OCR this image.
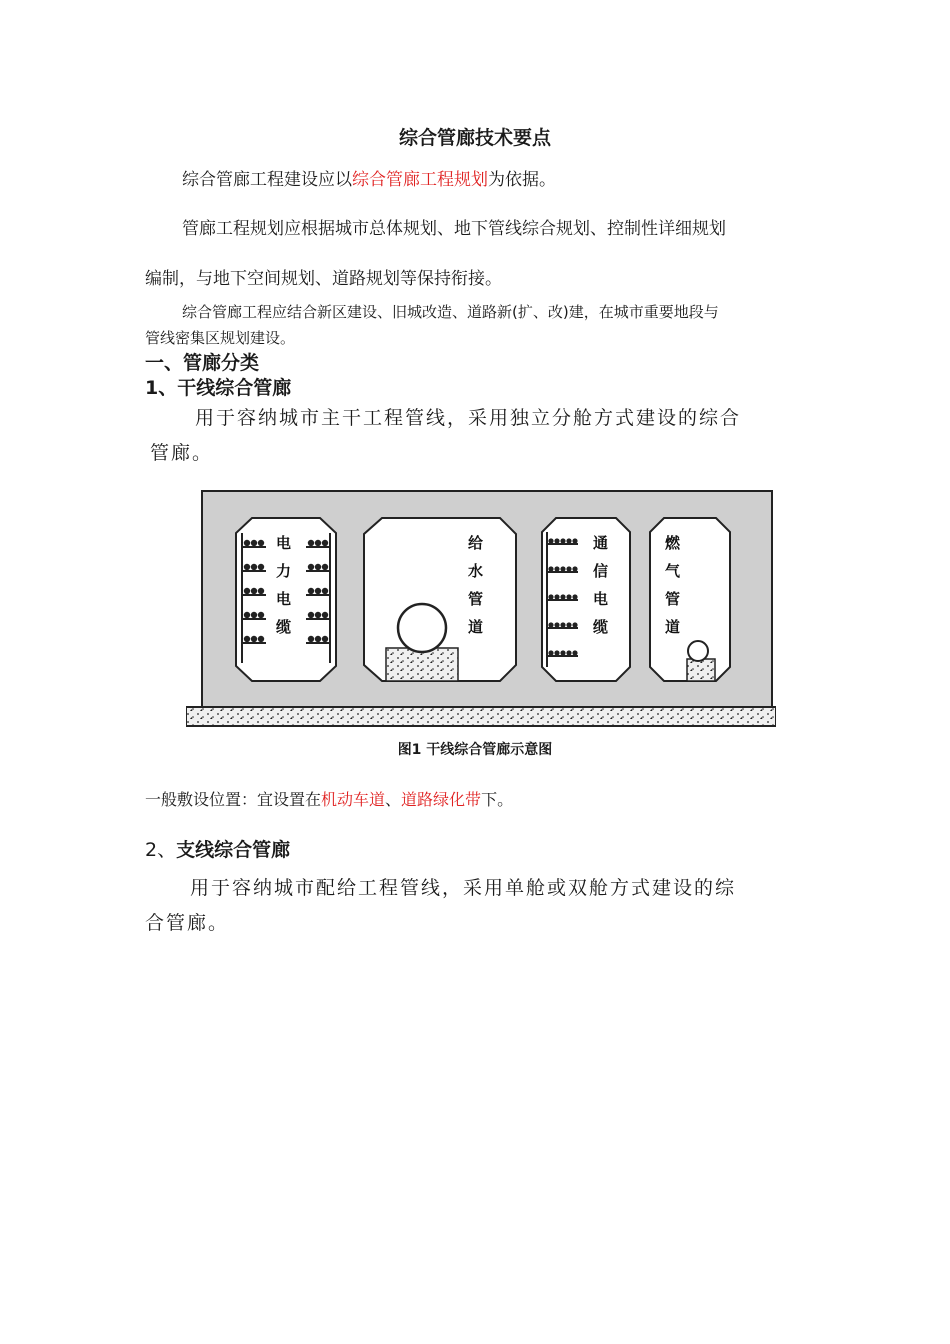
综合管廊技术要点
综合管廊工程建设应以综合管廊工程规划为依据。
管廊工程规划应根据城市总体规划、地下管线综合规划、控制性详细规划
编制，与地下空间规划、道路规划等保持衔接。
综合管廊工程应结合新区建设、旧城改造、道路新(扩、改)建，在城市重要地段与
管线密集区规划建设。
一、管廊分类
1、干线综合管廊
用于容纳城市主干工程管线，采用独立分舱方式建设的综合
管廊。
电力电缆
给水管道
通信电缆
燃气管道
图1 干线综合管廊示意图
一般敷设位置：宜设置在机动车道、道路绿化带下。
2、支线综合管廊
用于容纳城市配给工程管线，采用单舱或双舱方式建设的综
合管廊。
